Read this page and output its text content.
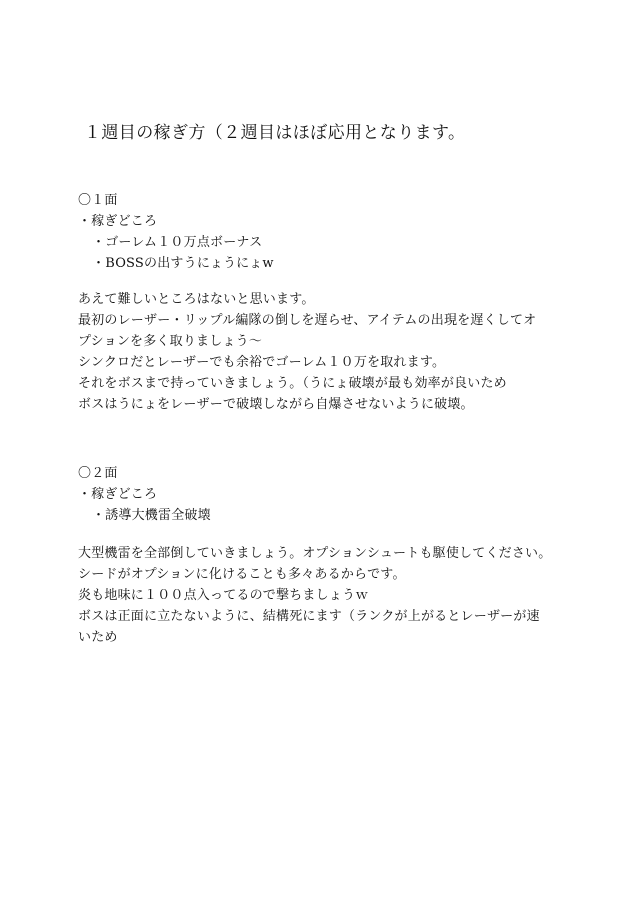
１週目の稼ぎ方（２週目はほぼ応用となります。
〇１面
・稼ぎどころ
・ゴーレム１０万点ボーナス
・BOSSの出すうにょうにょw
あえて難しいところはないと思います。
最初のレーザー・リップル編隊の倒しを遅らせ、アイテムの出現を遅くしてオ
プションを多く取りましょう～
シンクロだとレーザーでも余裕でゴーレム１０万を取れます。
それをボスまで持っていきましょう。（うにょ破壊が最も効率が良いため
ボスはうにょをレーザーで破壊しながら自爆させないように破壊。
〇２面
・稼ぎどころ
・誘導大機雷全破壊
大型機雷を全部倒していきましょう。オプションシュートも駆使してください。
シードがオプションに化けることも多々あるからです。
炎も地味に１００点入ってるので撃ちましょうｗ
ボスは正面に立たないように、結構死にます（ランクが上がるとレーザーが速
いため
